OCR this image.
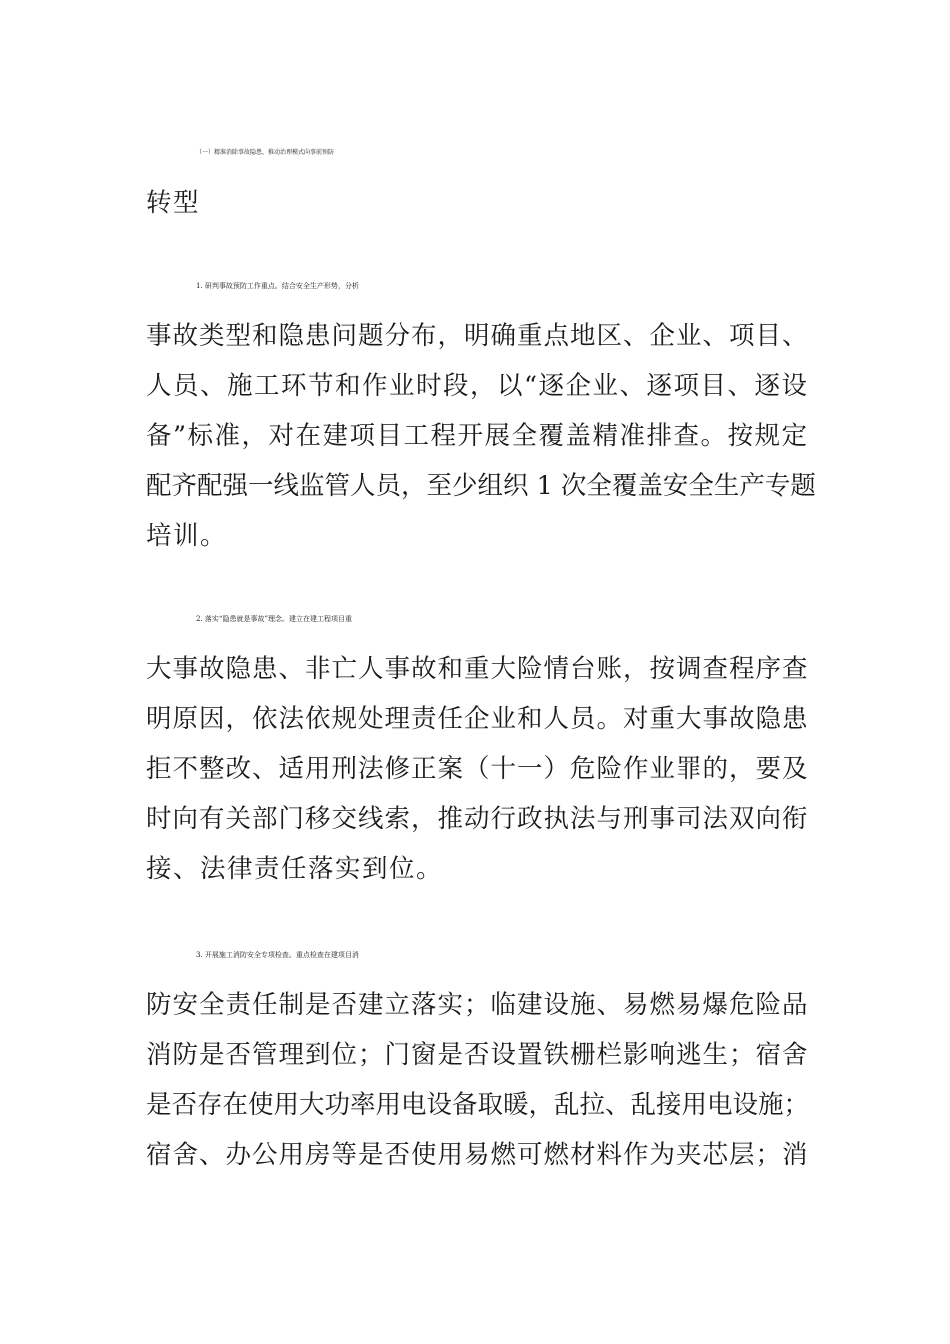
（一）精准消除事故隐患，推动治理模式向事前预防
转型
1. 研判事故预防工作重点。结合安全生产形势，分析
事故类型和隐患问题分布，明确重点地区、企业、项目、
人员、施工环节和作业时段，以“逐企业、逐项目、逐设
备”标准，对在建项目工程开展全覆盖精准排查。按规定
配齐配强一线监管人员，至少组织 1 次全覆盖安全生产专题
培训。
2. 落实“隐患就是事故”理念。建立在建工程项目重
大事故隐患、非亡人事故和重大险情台账，按调查程序查
明原因，依法依规处理责任企业和人员。对重大事故隐患
拒不整改、适用刑法修正案（十一）危险作业罪的，要及
时向有关部门移交线索，推动行政执法与刑事司法双向衔
接、法律责任落实到位。
3. 开展施工消防安全专项检查。重点检查在建项目消
防安全责任制是否建立落实；临建设施、易燃易爆危险品
消防是否管理到位；门窗是否设置铁栅栏影响逃生；宿舍
是否存在使用大功率用电设备取暖，乱拉、乱接用电设施；
宿舍、办公用房等是否使用易燃可燃材料作为夹芯层；消
